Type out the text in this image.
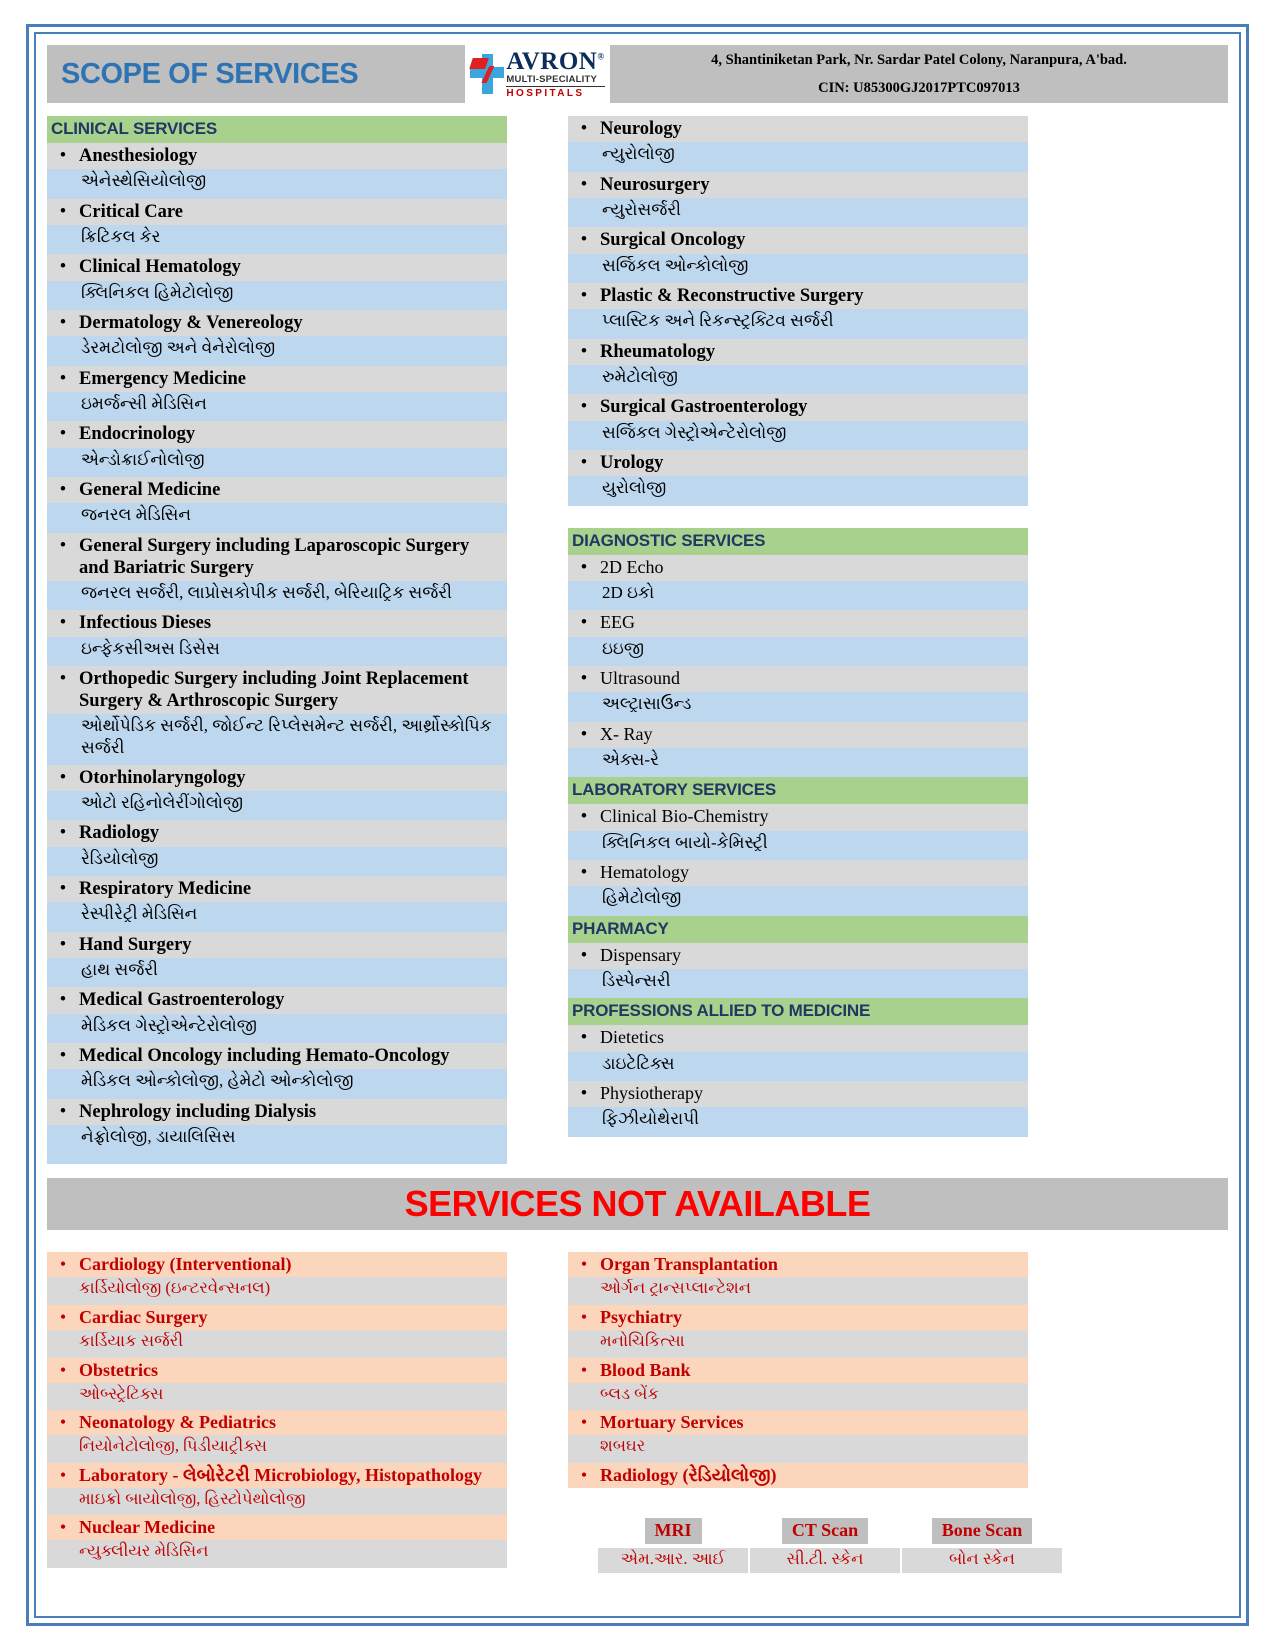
SCOPE OF SERVICES	AVRON®
MULTI-SPECIALITY
HOSPITALS
4, Shantiniketan Park, Nr. Sardar Patel Colony, Naranpura, A'bad.
CIN: U85300GJ2017PTC097013
CLINICAL SERVICES
• Anesthesiology
એનેસ્થેસિયોલોજી
• Critical Care
ક્રિટિકલ કેર
• Clinical Hematology
ક્લિનિકલ હિમેટોલોજી
• Dermatology & Venereology
ડેરમટોલોજી અને વેનેરોલોજી
• Emergency Medicine
ઇમર્જન્સી મેડિસિન
• Endocrinology
એન્ડોક્રાઈનોલોજી
• General Medicine
જનરલ મેડિસિન
• General Surgery including Laparoscopic Surgery and Bariatric Surgery
જનરલ સર્જરી, લાપ્રોસકોપીક સર્જરી, બેરિયાટ્રિક સર્જરી
• Infectious Dieses
ઇન્ફેકસીઅસ ડિસેસ
• Orthopedic Surgery including Joint Replacement Surgery & Arthroscopic Surgery
ઓર્થોપેડિક સર્જરી, જોઈન્ટ રિપ્લેસમેન્ટ સર્જરી, આર્થ્રોસ્કોપિક સર્જરી
• Otorhinolaryngology
ઓટો રહિનોલેરીંગોલોજી
• Radiology
રેડિયોલોજી
• Respiratory Medicine
રેસ્પીરેટ્રી મેડિસિન
• Hand Surgery
હાથ સર્જરી
• Medical Gastroenterology
મેડિકલ ગેસ્ટ્રોએન્ટેરોલોજી
• Medical Oncology including Hemato-Oncology
મેડિકલ ઓન્કોલોજી, હેમેટો ઓન્કોલોજી
• Nephrology including Dialysis
નેફ્રોલોજી, ડાયાલિસિસ
• Neurology
ન્યુરોલોજી
• Neurosurgery
ન્યુરોસર્જરી
• Surgical Oncology
સર્જિકલ ઓન્કોલોજી
• Plastic & Reconstructive Surgery
પ્લાસ્ટિક અને રિકન્સ્ટ્રક્ટિવ સર્જરી
• Rheumatology
રુમેટોલોજી
• Surgical Gastroenterology
સર્જિકલ ગેસ્ટ્રોએન્ટેરોલોજી
• Urology
યુરોલોજી
DIAGNOSTIC SERVICES
• 2D Echo
2D ઇકો
• EEG
ઇઇજી
• Ultrasound
અલ્ટ્રાસાઉન્ડ
• X- Ray
એક્સ-રે
LABORATORY SERVICES
• Clinical Bio-Chemistry
ક્લિનિકલ બાયો-કેમિસ્ટ્રી
• Hematology
હિમેટોલોજી
PHARMACY
• Dispensary
ડિસ્પેન્સરી
PROFESSIONS ALLIED TO MEDICINE
• Dietetics
ડાઇટેટિક્સ
• Physiotherapy
ફિઝીયોથેરાપી
SERVICES NOT AVAILABLE
• Cardiology (Interventional)
કાર્ડિયોલોજી (ઇન્ટરવેન્સનલ)
• Cardiac Surgery
કાર્ડિયાક સર્જરી
• Obstetrics
ઓબ્સ્ટ્રેટિક્સ
• Neonatology & Pediatrics
નિયોનેટોલોજી, પિડીયાટ્રીક્સ
• Laboratory - લેબોરેટરી Microbiology, Histopathology
માઇક્રો બાયોલોજી, હિસ્ટોપેથોલોજી
• Nuclear Medicine
ન્યુક્લીયર મેડિસિન
• Organ Transplantation
ઓર્ગન ટ્રાન્સપ્લાન્ટેશન
• Psychiatry
મનોચિકિત્સા
• Blood Bank
બ્લડ બેંક
• Mortuary Services
શબઘર
• Radiology (રેડિયોલોજી)
MRI
એમ.આર. આઈ
CT Scan
સી.ટી. સ્કેન
Bone Scan
બોન સ્કેન
